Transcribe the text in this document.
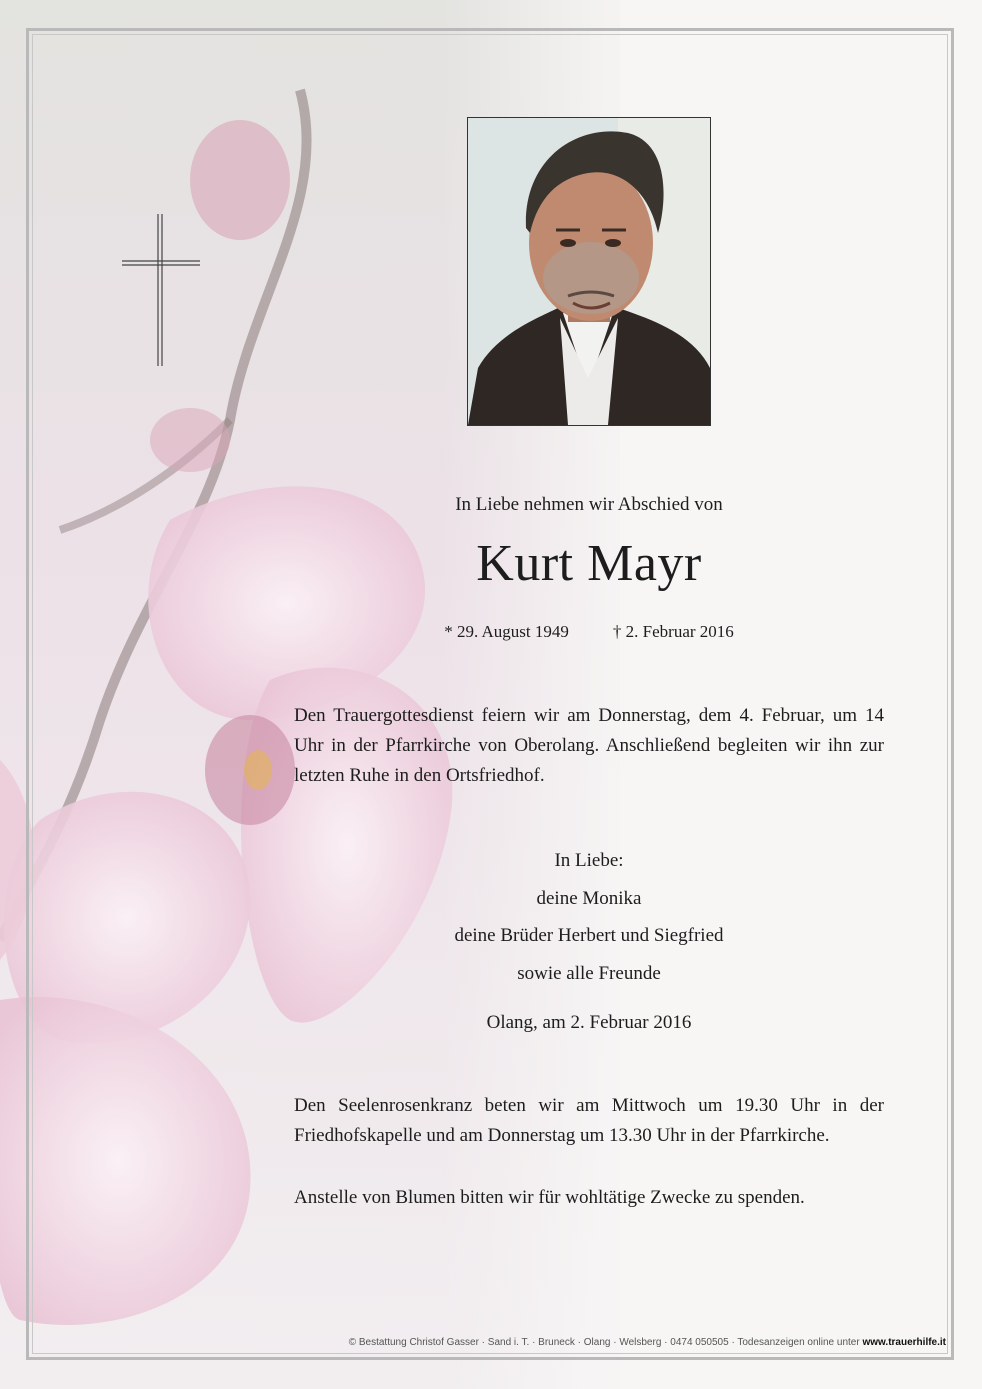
In Liebe nehmen wir Abschied von
Kurt Mayr
* 29. August 1949	† 2. Februar 2016
Den Trauergottesdienst feiern wir am Donnerstag, dem 4. Februar, um 14 Uhr in der Pfarrkirche von Oberolang. Anschließend begleiten wir ihn zur letzten Ruhe in den Ortsfriedhof.
In Liebe:
deine Monika
deine Brüder Herbert und Siegfried
sowie alle Freunde
Olang, am 2. Februar 2016
Den Seelenrosenkranz beten wir am Mittwoch um 19.30 Uhr in der Friedhofskapelle und am Donnerstag um 13.30 Uhr in der Pfarrkirche.
Anstelle von Blumen bitten wir für wohltätige Zwecke zu spenden.
© Bestattung Christof Gasser · Sand i. T. · Bruneck · Olang · Welsberg · 0474 050505 · Todesanzeigen online unter www.trauerhilfe.it
